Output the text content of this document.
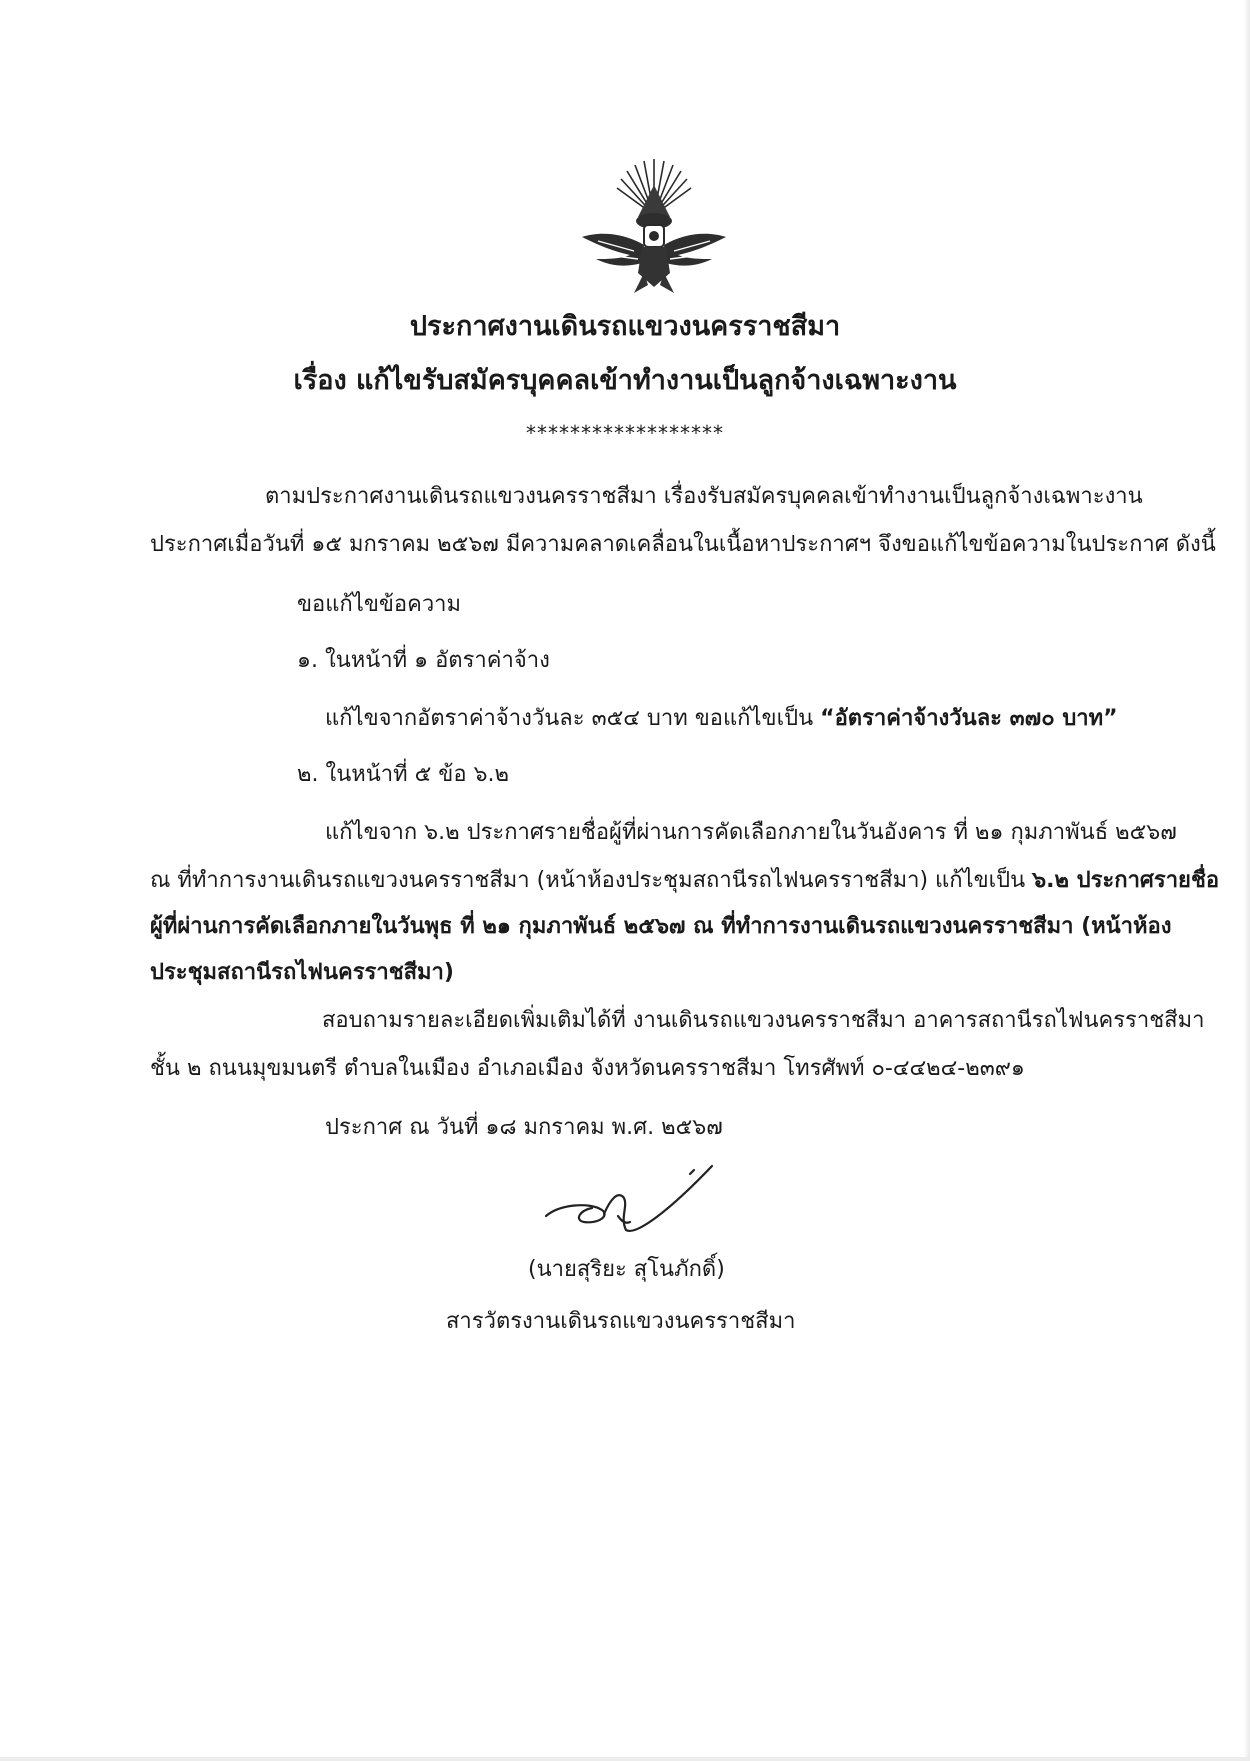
ประกาศงานเดินรถแขวงนครราชสีมา
เรื่อง แก้ไขรับสมัครบุคคลเข้าทำงานเป็นลูกจ้างเฉพาะงาน
******************
ตามประกาศงานเดินรถแขวงนครราชสีมา เรื่องรับสมัครบุคคลเข้าทำงานเป็นลูกจ้างเฉพาะงาน
ประกาศเมื่อวันที่ ๑๕ มกราคม ๒๕๖๗ มีความคลาดเคลื่อนในเนื้อหาประกาศฯ จึงขอแก้ไขข้อความในประกาศ ดังนี้
ขอแก้ไขข้อความ
๑. ในหน้าที่ ๑ อัตราค่าจ้าง
แก้ไขจากอัตราค่าจ้างวันละ ๓๕๔ บาท ขอแก้ไขเป็น “อัตราค่าจ้างวันละ ๓๗๐ บาท”
๒. ในหน้าที่ ๕ ข้อ ๖.๒
แก้ไขจาก ๖.๒ ประกาศรายชื่อผู้ที่ผ่านการคัดเลือกภายในวันอังคาร ที่ ๒๑ กุมภาพันธ์ ๒๕๖๗
ณ ที่ทำการงานเดินรถแขวงนครราชสีมา (หน้าห้องประชุมสถานีรถไฟนครราชสีมา) แก้ไขเป็น ๖.๒ ประกาศรายชื่อ
ผู้ที่ผ่านการคัดเลือกภายในวันพุธ ที่ ๒๑ กุมภาพันธ์ ๒๕๖๗ ณ ที่ทำการงานเดินรถแขวงนครราชสีมา (หน้าห้อง
ประชุมสถานีรถไฟนครราชสีมา)
สอบถามรายละเอียดเพิ่มเติมได้ที่ งานเดินรถแขวงนครราชสีมา อาคารสถานีรถไฟนครราชสีมา
ชั้น ๒ ถนนมุขมนตรี ตำบลในเมือง อำเภอเมือง จังหวัดนครราชสีมา โทรศัพท์ ๐-๔๔๒๔-๒๓๙๑
ประกาศ ณ วันที่ ๑๘ มกราคม พ.ศ. ๒๕๖๗
(นายสุริยะ สุโนภักดิ์)
สารวัตรงานเดินรถแขวงนครราชสีมา
